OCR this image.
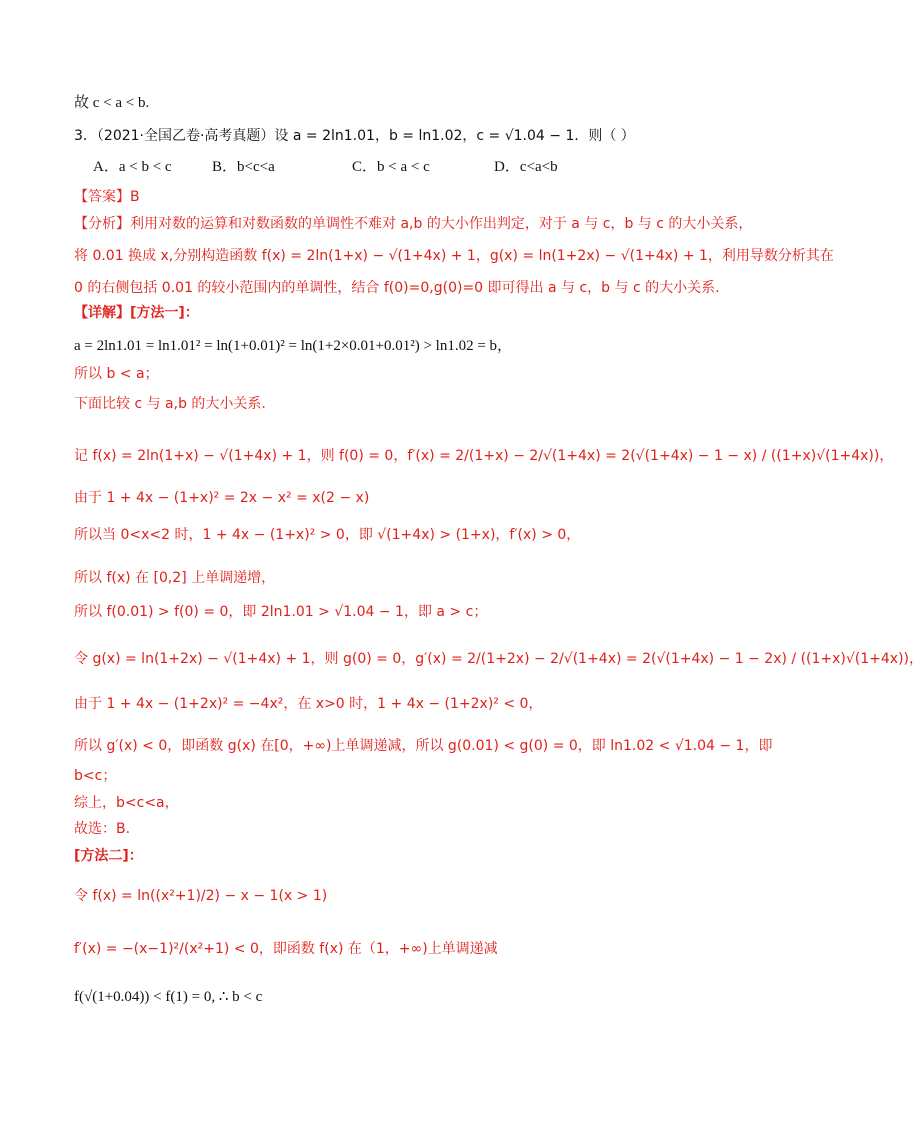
故 c < a < b.
3．（2021·全国乙卷·高考真题）设 a = 2ln1.01，b = ln1.02，c = √1.04 − 1．则（ ）
A．a < b < c	B．b<c<a	C．b < a < c	D．c<a<b
【答案】B
【分析】利用对数的运算和对数函数的单调性不难对 a,b 的大小作出判定，对于 a 与 c，b 与 c 的大小关系，
将 0.01 换成 x,分别构造函数 f(x) = 2ln(1+x) − √(1+4x) + 1，g(x) = ln(1+2x) − √(1+4x) + 1，利用导数分析其在
0 的右侧包括 0.01 的较小范围内的单调性，结合 f(0)=0,g(0)=0 即可得出 a 与 c，b 与 c 的大小关系.
【详解】[方法一]：
a = 2ln1.01 = ln1.01² = ln(1+0.01)² = ln(1+2×0.01+0.01²) > ln1.02 = b，
所以 b < a；
下面比较 c 与 a,b 的大小关系.
记 f(x) = 2ln(1+x) − √(1+4x) + 1，则 f(0) = 0，f′(x) = 2/(1+x) − 2/√(1+4x) = 2(√(1+4x) − 1 − x) / ((1+x)√(1+4x))，
由于 1 + 4x − (1+x)² = 2x − x² = x(2 − x)
所以当 0<x<2 时，1 + 4x − (1+x)² > 0，即 √(1+4x) > (1+x)，f′(x) > 0，
所以 f(x) 在 [0,2] 上单调递增，
所以 f(0.01) > f(0) = 0，即 2ln1.01 > √1.04 − 1，即 a > c；
令 g(x) = ln(1+2x) − √(1+4x) + 1，则 g(0) = 0，g′(x) = 2/(1+2x) − 2/√(1+4x) = 2(√(1+4x) − 1 − 2x) / ((1+x)√(1+4x))，
由于 1 + 4x − (1+2x)² = −4x²，在 x>0 时，1 + 4x − (1+2x)² < 0，
所以 g′(x) < 0，即函数 g(x) 在[0，+∞)上单调递减，所以 g(0.01) < g(0) = 0，即 ln1.02 < √1.04 − 1，即
b<c；
综上，b<c<a，
故选：B.
[方法二]：
令 f(x) = ln((x²+1)/2) − x − 1(x > 1)
f′(x) = −(x−1)²/(x²+1) < 0，即函数 f(x) 在（1，+∞)上单调递减
f(√(1+0.04)) < f(1) = 0, ∴ b < c
